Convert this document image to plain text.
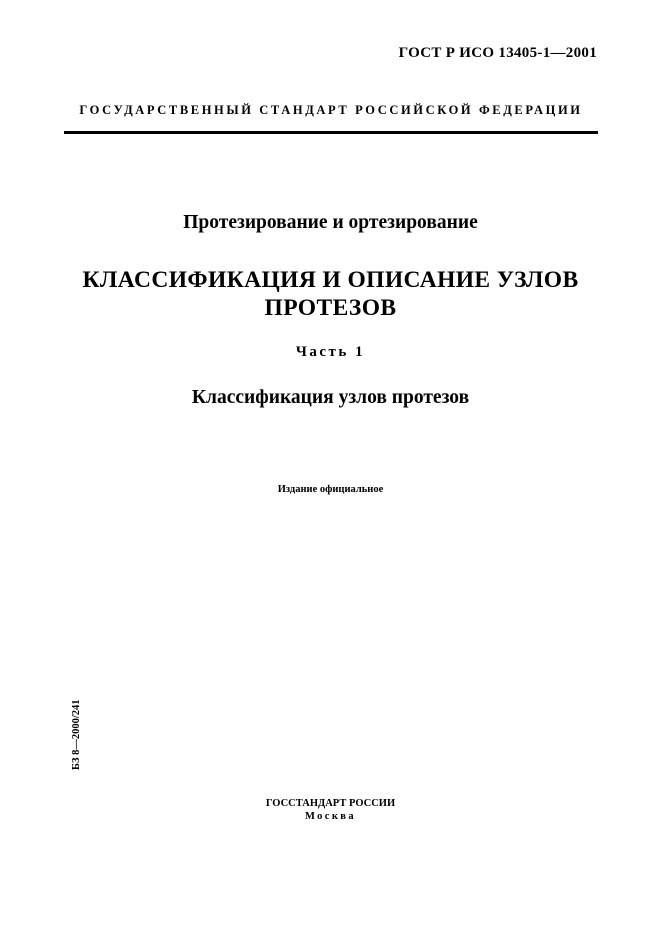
ГОСТ Р ИСО 13405-1—2001
ГОСУДАРСТВЕННЫЙ СТАНДАРТ РОССИЙСКОЙ ФЕДЕРАЦИИ
Протезирование и ортезирование
КЛАССИФИКАЦИЯ И ОПИСАНИЕ УЗЛОВ
ПРОТЕЗОВ
Часть 1
Классификация узлов протезов
Издание официальное
БЗ 8—2000/241
ГОССТАНДАРТ РОССИИ
Москва
